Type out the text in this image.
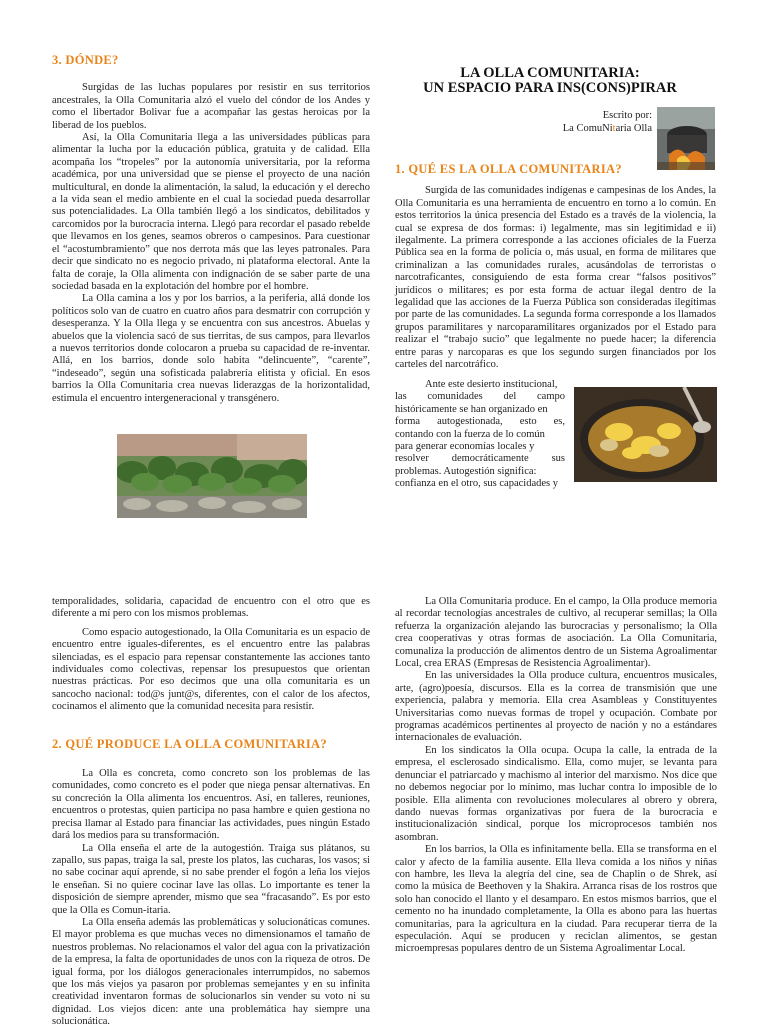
3. DÓNDE?

Surgidas de las luchas populares por resistir en sus territorios ancestrales, la Olla Comunitaria alzó el vuelo del cóndor de los Andes y como el libertador Bolivar fue a acompañar las gestas heroicas por la liberad de los pueblos.

Así, la Olla Comunitaria llega a las universidades públicas para alimentar la lucha por la educación pública, gratuita y de calidad. Ella acompaña los “tropeles” por la autonomía universitaria, por la reforma académica, por una universidad que se piense el proyecto de una nación multicultural, en donde la alimentación, la salud, la educación y el derecho a la vida sean el medio ambiente en el cual la sociedad pueda desarrollar sus potencialidades. La Olla también llegó a los sindicatos, debilitados y carcomidos por la burocracia interna. Llegó para recordar el pasado rebelde que llevamos en los genes, seamos obreros o campesinos. Para cuestionar el “acostumbramiento” que nos derrota más que las leyes patronales. Para decir que sindicato no es negocio privado, ni plataforma electoral. Ante la falta de coraje, la Olla alimenta con indignación de se saber parte de una sociedad basada en la explotación del hombre por el hombre.

La Olla camina a los y por los barrios, a la periferia, allá donde los políticos solo van de cuatro en cuatro años para desmatrir con corrupción y desesperanza. Y la Olla llega y se encuentra con sus ancestros. Abuelas y abuelos que la violencia sacó de sus tierritas, de sus campos, para llevarlos a nuevos territorios donde colocaron a prueba su capacidad de re-inventar. Allá, en los barrios, donde solo habita “delincuente”, “carente”, “indeseado”, según una sofisticada palabrería elitista y oficial. En esos barrios la Olla Comunitaria crea nuevas liderazgas de la horizontalidad, estimula el encuentro intergeneracional y transgénero.

LA OLLA COMUNITARIA:
UN ESPACIO PARA INS(CONS)PIRAR
Escrito por:
La ComuNitaria Olla

1. QUÉ ES LA OLLA COMUNITARIA?

Surgida de las comunidades indígenas e campesinas de los Andes, la Olla Comunitaria es una herramienta de encuentro en torno a lo común. En estos territorios la única presencia del Estado es a través de la violencia, la cual se expresa de dos formas: i) legalmente, mas sin legitimidad e ii) ilegalmente. La primera corresponde a las acciones oficiales de la Fuerza Pública sea en la forma de policía o, más usual, en forma de militares que criminalizan a las comunidades rurales, acusándolas de terroristas o narcotraficantes, consiguiendo de esta forma crear “falsos positivos” jurídicos o militares; es por esta forma de actuar ilegal dentro de la legalidad que las acciones de la Fuerza Pública son consideradas ilegítimas por parte de las comunidades. La segunda forma corresponde a los llamados grupos paramilitares y narcoparamilitares organizados por el Estado para realizar el “trabajo sucio” que legalmente no puede hacer; la diferencia entre paras y narcoparas es que los segundo surgen financiados por los carteles del narcotráfico.

Ante este desierto institucional,

las comunidades del campo

históricamente se han organizado en

forma autogestionada, esto es,

contando con la fuerza de lo común

para generar economías locales y

resolver democráticamente sus

problemas. Autogestión significa:

confianza en el otro, sus capacidades y

temporalidades, solidaria, capacidad de encuentro con el otro que es diferente a mí pero con los mismos problemas.

Como espacio autogestionado, la Olla Comunitaria es un espacio de encuentro entre iguales-diferentes, es el encuentro entre las palabras silenciadas, es el espacio para repensar constantemente las acciones tanto individuales como colectivas, repensar los presupuestos que orientan nuestras prácticas. Por eso decimos que una olla comunitaria es un sancocho nacional: tod@s junt@s, diferentes, con el calor de los afectos, cocinamos el alimento que la comunidad necesita para resistir.

2. QUÉ PRODUCE LA OLLA COMUNITARIA?

La Olla es concreta, como concreto son los problemas de las comunidades, como concreto es el poder que niega pensar alternativas. En su concreción la Olla alimenta los encuentros. Así, en talleres, reuniones, encuentros o protestas, quien participa no pasa hambre e quien gestiona no precisa llamar al Estado para financiar las actividades, pues ningún Estado dará los medios para su transformación.

La Olla enseña el arte de la autogestión. Traiga sus plátanos, su zapallo, sus papas, traiga la sal, preste los platos, las cucharas, los vasos; si no sabe cocinar aquí aprende, si no sabe prender el fogón a leña los viejos le enseñan. Si no quiere cocinar lave las ollas. Lo importante es tener la disposición de siempre aprender, mismo que sea “fracasando”. Es por esto que la Olla es Comun-itaria.

La Olla enseña además las problemáticas y solucionáticas comunes. El mayor problema es que muchas veces no dimensionamos el tamaño de nuestros problemas. No relacionamos el valor del agua con la privatización de la empresa, la falta de oportunidades de unos con la riqueza de otros. De igual forma, por los diálogos generacionales interrumpidos, no sabemos que los más viejos ya pasaron por problemas semejantes y en su infinita creatividad inventaron formas de solucionarlos sin vender su voto ni su dignidad. Los viejos dicen: ante una problemática hay siempre una solucionática.

La Olla Comunitaria produce. En el campo, la Olla produce memoria al recordar tecnologías ancestrales de cultivo, al recuperar semillas; la Olla refuerza la organización alejando las burocracias y personalismo; la Olla crea cooperativas y otras formas de asociación. La Olla Comunitaria, comunaliza la producción de alimentos dentro de un Sistema Agroalimentar Local, crea ERAS (Empresas de Resistencia Agroalimentar).

En las universidades la Olla produce cultura, encuentros musicales, arte, (agro)poesía, discursos. Ella es la correa de transmisión que une experiencia, palabra y memoria. Ella crea Asambleas y Constituyentes Universitarias como nuevas formas de tropel y ocupación. Combate por programas académicos pertinentes al proyecto de nación y no a estándares internacionales de evaluación.

En los sindicatos la Olla ocupa. Ocupa la calle, la entrada de la empresa, el esclerosado sindicalismo. Ella, como mujer, se levanta para denunciar el patriarcado y machismo al interior del marxismo. Nos dice que no debemos negociar por lo mínimo, mas luchar contra lo imposible de lo posible. Ella alimenta con revoluciones moleculares al obrero y obrera, dando nuevas formas organizativas por fuera de la burocracia e institucionalización sindical, porque los microprocesos también nos asombran.

En los barrios, la Olla es infinitamente bella. Ella se transforma en el calor y afecto de la familia ausente. Ella lleva comida a los niños y niñas con hambre, les lleva la alegría del cine, sea de Chaplin o de Shrek, así como la música de Beethoven y la Shakira. Arranca risas de los rostros que solo han conocido el llanto y el desamparo. En estos mismos barrios, que el cemento no ha inundado completamente, la Olla es abono para las huertas comunitarias, para la agricultura en la ciudad. Para recuperar tierra de la especulación. Aquí se producen y reciclan alimentos, se gestan microempresas populares dentro de un Sistema Agroalimentar Local.
